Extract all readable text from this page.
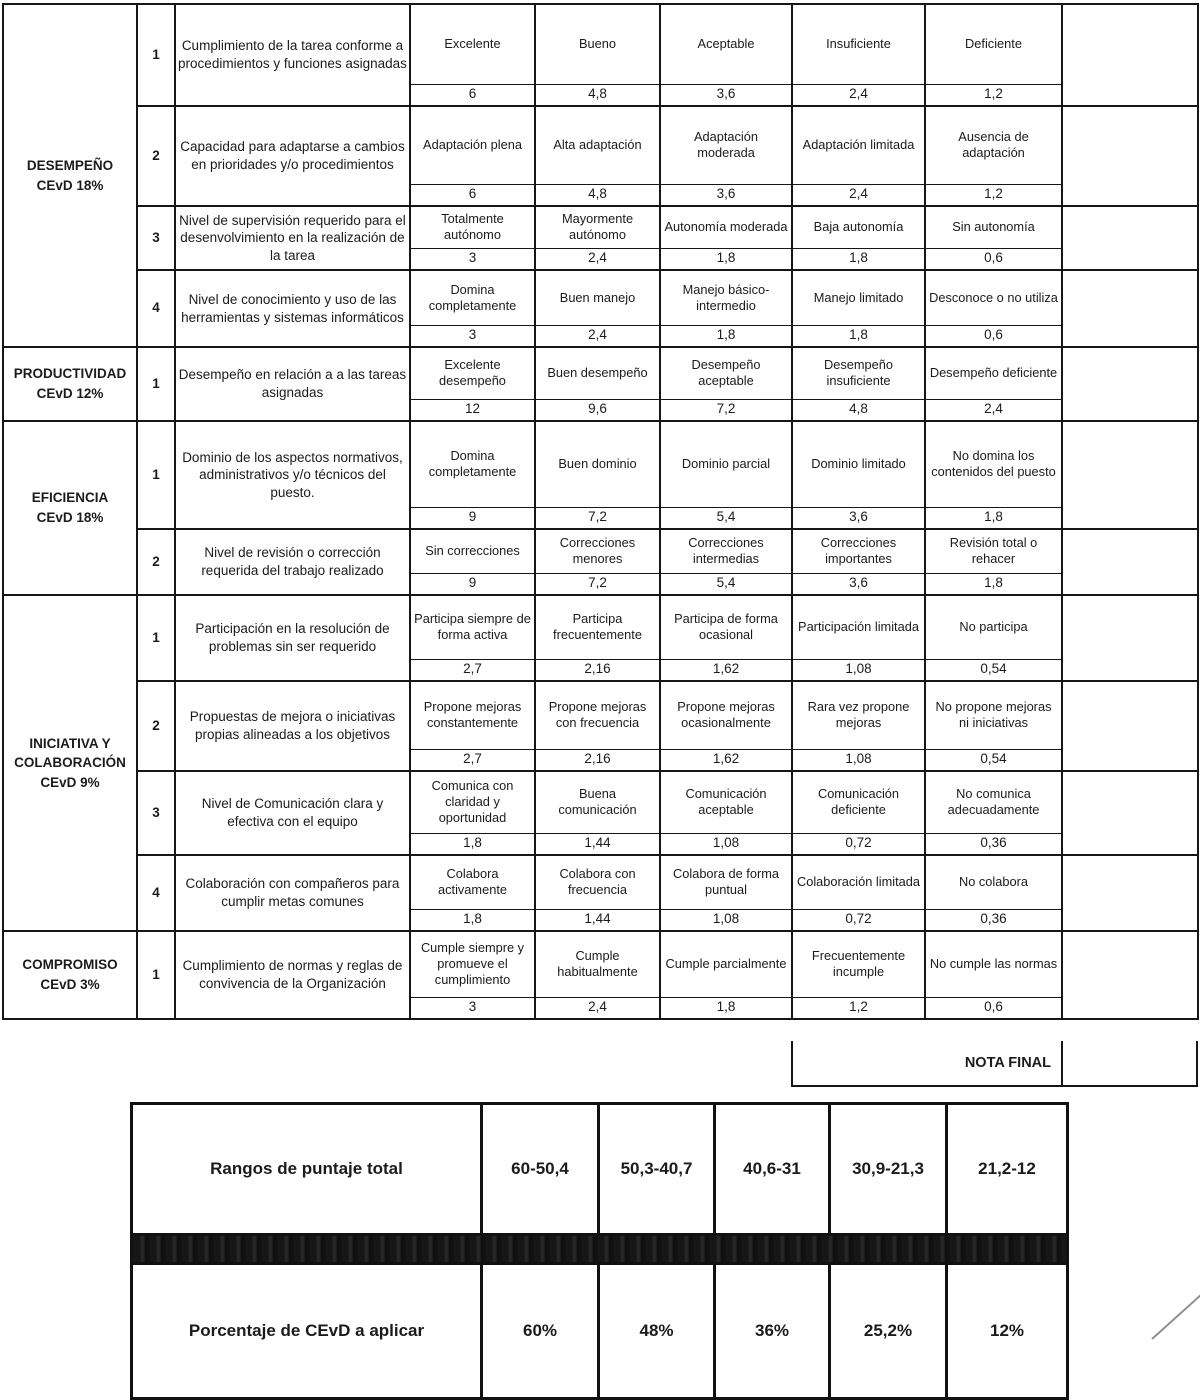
DESEMPEÑO
CEvD 18%	1	Cumplimiento de la tarea conforme a procedimientos y funciones asignadas	Excelente	Bueno	Aceptable	Insuficiente	Deficiente	
			6	4,8	3,6	2,4	1,2	
	2	Capacidad para adaptarse a cambios en prioridades y/o procedimientos	Adaptación plena	Alta adaptación	Adaptación moderada	Adaptación limitada	Ausencia de adaptación	
			6	4,8	3,6	2,4	1,2	
	3	Nivel de supervisión requerido para el desenvolvimiento en la realización de la tarea	Totalmente autónomo	Mayormente autónomo	Autonomía moderada	Baja autonomía	Sin autonomía	
			3	2,4	1,8	1,8	0,6	
	4	Nivel de conocimiento y uso de las herramientas y sistemas informáticos	Domina completamente	Buen manejo	Manejo básico-intermedio	Manejo limitado	Desconoce o no utiliza	
			3	2,4	1,8	1,8	0,6	

PRODUCTIVIDAD
CEvD 12%	1	Desempeño en relación a a las tareas asignadas	Excelente desempeño	Buen desempeño	Desempeño aceptable	Desempeño insuficiente	Desempeño deficiente	
			12	9,6	7,2	4,8	2,4	

EFICIENCIA
CEvD 18%	1	Dominio de los aspectos normativos, administrativos y/o técnicos del puesto.	Domina completamente	Buen dominio	Dominio parcial	Dominio limitado	No domina los contenidos del puesto	
			9	7,2	5,4	3,6	1,8	
	2	Nivel de revisión o corrección requerida del trabajo realizado	Sin correcciones	Correcciones menores	Correcciones intermedias	Correcciones importantes	Revisión total o rehacer	
			9	7,2	5,4	3,6	1,8	

INICIATIVA Y COLABORACIÓN
CEvD 9%	1	Participación en la resolución de problemas sin ser requerido	Participa siempre de forma activa	Participa frecuentemente	Participa de forma ocasional	Participación limitada	No participa	
			2,7	2,16	1,62	1,08	0,54	
	2	Propuestas de mejora o iniciativas propias alineadas a los objetivos	Propone mejoras constantemente	Propone mejoras con frecuencia	Propone mejoras ocasionalmente	Rara vez propone mejoras	No propone mejoras ni iniciativas	
			2,7	2,16	1,62	1,08	0,54	
	3	Nivel de Comunicación clara y efectiva con el equipo	Comunica con claridad y oportunidad	Buena comunicación	Comunicación aceptable	Comunicación deficiente	No comunica adecuadamente	
			1,8	1,44	1,08	0,72	0,36	
	4	Colaboración con compañeros para cumplir metas comunes	Colabora activamente	Colabora con frecuencia	Colabora de forma puntual	Colaboración limitada	No colabora	
			1,8	1,44	1,08	0,72	0,36	

COMPROMISO
CEvD 3%	1	Cumplimiento de normas y reglas de convivencia de la Organización	Cumple siempre y promueve el cumplimiento	Cumple habitualmente	Cumple parcialmente	Frecuentemente incumple	No cumple las normas	
			3	2,4	1,8	1,2	0,6	
NOTA FINAL
Rangos de puntaje total	60-50,4	50,3-40,7	40,6-31	30,9-21,3	21,2-12

Porcentaje de CEvD a aplicar	60%	48%	36%	25,2%	12%
